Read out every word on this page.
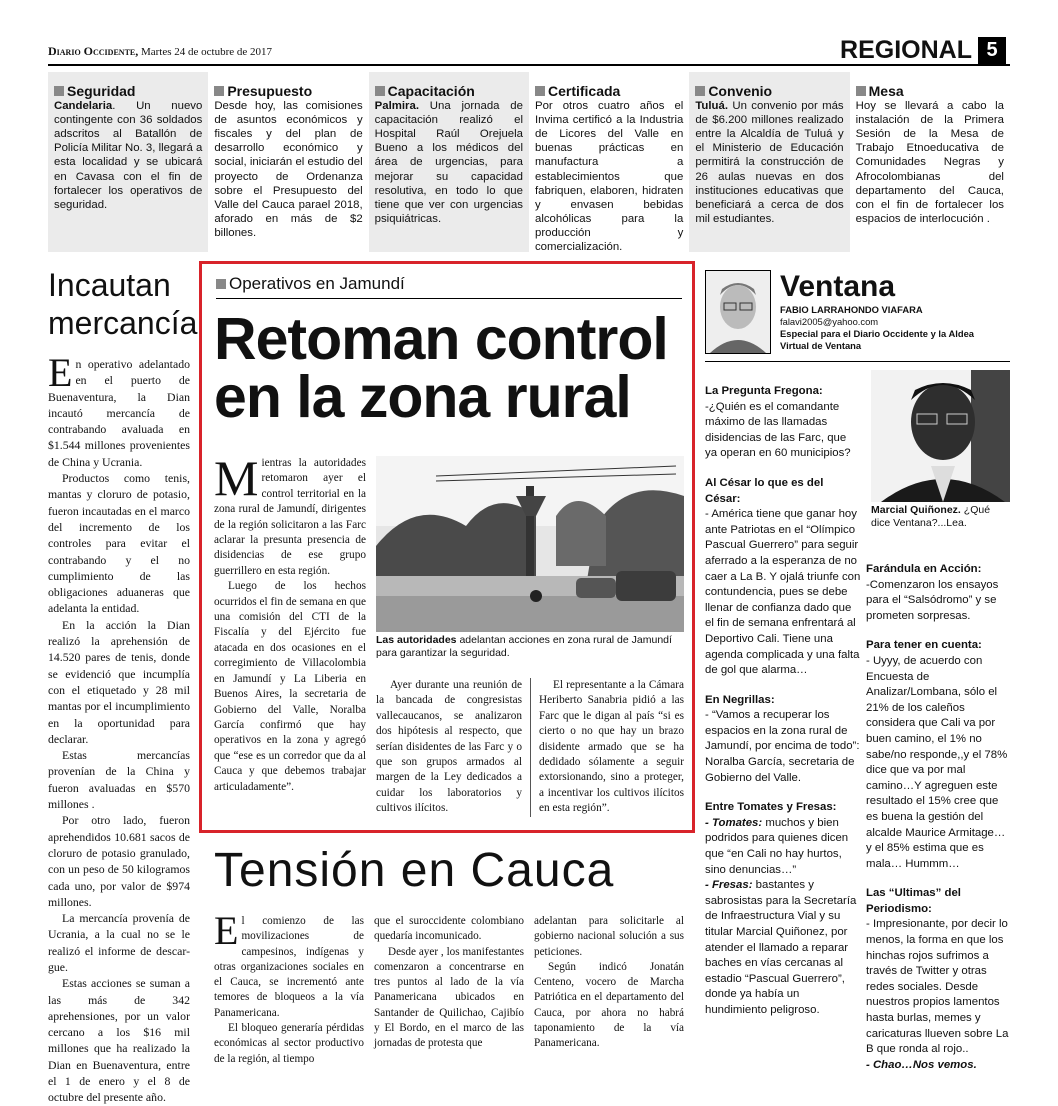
Diario Occidente, Martes 24 de octubre de 2017	REGIONAL 5
Seguridad
Candelaria. Un nuevo contingente con 36 soldados adscritos al Batallón de Policía Militar No. 3, llegará a esta localidad y se ubicará en Cavasa con el fin de fortalecer los operativos de seguridad.
Presupuesto
Desde hoy, las comisiones de asuntos económicos y fiscales y del plan de desarrollo económico y social, iniciarán el estudio del proyecto de Ordenanza sobre el Presupuesto del Valle del Cauca parael 2018, aforado en más de $2 billones.
Capacitación
Palmira. Una jornada de capacitación realizó el Hospital Raúl Orejuela Bueno a los médicos del área de urgencias, para mejorar su capacidad resolutiva, en todo lo que tiene que ver con urgencias psiquiátricas.
Certificada
Por otros cuatro años el Invima certificó a la Industria de Licores del Valle en buenas prácticas en manufactura a establecimientos que fabriquen, elaboren, hidraten y envasen bebidas alcohólicas para la producción y comercialización.
Convenio
Tuluá. Un convenio por más de $6.200 millones realizado entre la Alcaldía de Tuluá y el Ministerio de Educación permitirá la construcción de 26 aulas nuevas en dos instituciones educativas que beneficiará a cerca de dos mil estudiantes.
Mesa
Hoy se llevará a cabo la instalación de la Primera Sesión de la Mesa de Trabajo Etnoeducativa de Comunidades Negras y Afrocolombianas del departamento del Cauca, con el fin de fortalecer los espacios de interlocución .
Incautan mercancía

En operativo adelantado en el puerto de Buenaventura, la Dian incautó mercancía de contrabando avaluada en $1.544 millones provenientes de China y Ucrania.

Productos como tenis, mantas y cloruro de potasio, fueron incautadas en el marco del incremento de los controles para evitar el contrabando y el no cumplimiento de las obligaciones aduaneras que adelanta la entidad.

En la acción la Dian realizó la aprehensión de 14.520 pares de tenis, donde se evidenció que incumplía con el etiquetado y 28 mil mantas por el incumplimiento en la oportunidad para declarar.

Estas mercancías provenían de la China y fueron avaluadas en $570 millones .

Por otro lado, fueron aprehendidos 10.681 sacos de cloruro de potasio granulado, con un peso de 50 kilogramos cada uno, por valor de $974 millones.

La mercancía provenía de Ucrania, a la cual no se le realizó el informe de descar-gue.

Estas acciones se suman a las más de 342 aprehensiones, por un valor cercano a los $16 mil millones que ha realizado la Dian en Buenaventura, entre el 1 de enero y el 8 de octubre del presente año.

Operativos en Jamundí
Retoman control en la zona rural

Mientras la autoridades retomaron ayer el control territorial en la zona rural de Jamundí, dirigentes de la región solicitaron a las Farc aclarar la presunta presencia de disidencias de ese grupo guerrillero en esta región.

Luego de los hechos ocurridos el fin de semana en que una comisión del CTI de la Fiscalía y del Ejército fue atacada en dos ocasiones en el corregimiento de Villacolombia en Jamundí y La Liberia en Buenos Aires, la secretaria de Gobierno del Valle, Noralba García confirmó que hay operativos en la zona y agregó que “ese es un corredor que da al Cauca y que debemos trabajar articuladamente”.

Las autoridades adelantan acciones en zona rural de Jamundí para garantizar la seguridad.

Ayer durante una reunión de la bancada de congresistas vallecaucanos, se analizaron dos hipótesis al respecto, que serían disidentes de las Farc y o que son grupos armados al margen de la Ley dedicados a cuidar los laboratorios y cultivos ilícitos.

El representante a la Cámara Heriberto Sanabria pidió a las Farc que le digan al país “si es cierto o no que hay un brazo disidente armado que se ha dedidado sólamente a seguir extorsionando, sino a proteger, a incentivar los cultivos ilícitos en esta región”.

Ventana
FABIO LARRAHONDO VIAFARA
falavi2005@yahoo.com

Especial para el Diario Occidente y la Aldea Virtual de Ventana
Marcial Quiñonez. ¿Qué dice Ventana?...Lea.

La Pregunta Fregona:
-¿Quién es el comandante máximo de las llamadas disidencias de las Farc, que ya operan en 60 municipios?

Al César lo que es del César:
- América tiene que ganar hoy ante Patriotas en el “Olímpico Pascual Guerrero” para seguir aferrado a la esperanza de no caer a La B. Y ojalá triunfe con contundencia, pues se debe llenar de confianza dado que el fin de semana enfrentará al Deportivo Cali. Tiene una agenda complicada y una falta de gol que alarma…

En Negrillas:
- “Vamos a recuperar los espacios en la zona rural de Jamundí, por encima de todo”: Noralba García, secretaria de Gobierno del Valle.

Entre Tomates y Fresas:
- Tomates: muchos y bien podridos para quienes dicen que “en Cali no hay hurtos, sino denuncias…”
- Fresas: bastantes y sabrosistas para la Secretaría de Infraestructura Vial y su titular Marcial Quiñonez, por atender el llamado a reparar baches en vías cercanas al estadio “Pascual Guerrero”, donde ya había un hundimiento peligroso.

Farándula en Acción:
-Comenzaron los ensayos para el “Salsódromo” y se prometen sorpresas.

Para tener en cuenta:
- Uyyy, de acuerdo con Encuesta de Analizar/Lombana, sólo el 21% de los caleños considera que Cali va por buen camino, el 1% no sabe/no responde,,y el 78% dice que va por mal camino…Y agreguen este resultado el 15% cree que es buena la gestión del alcalde Maurice Armitage…y el 85% estima que es mala… Hummm…

Las “Ultimas” del Periodismo:
- Impresionante, por decir lo menos, la forma en que los hinchas rojos sufrimos a través de Twitter y otras redes sociales. Desde nuestros propios lamentos hasta burlas, memes y caricaturas llueven sobre La B que ronda al rojo..
- Chao…Nos vemos.

Tensión en Cauca

El comienzo de las movilizaciones de campesinos, indígenas y otras organizaciones sociales en el Cauca, se incrementó ante temores de bloqueos a la vía Panamericana.

El bloqueo generaría pérdidas económicas al sector productivo de la región, al tiempo

que el suroccidente colombiano quedaría incomunicado.

Desde ayer , los manifestantes comenzaron a concentrarse en tres puntos al lado de la vía Panamericana ubicados en Santander de Quilichao, Cajibío y El Bordo, en el marco de las jornadas de protesta que

adelantan para solicitarle al gobierno nacional solución a sus peticiones.

Según indicó Jonatán Centeno, vocero de Marcha Patriótica en el departamento del Cauca, por ahora no habrá taponamiento de la vía Panamericana.
